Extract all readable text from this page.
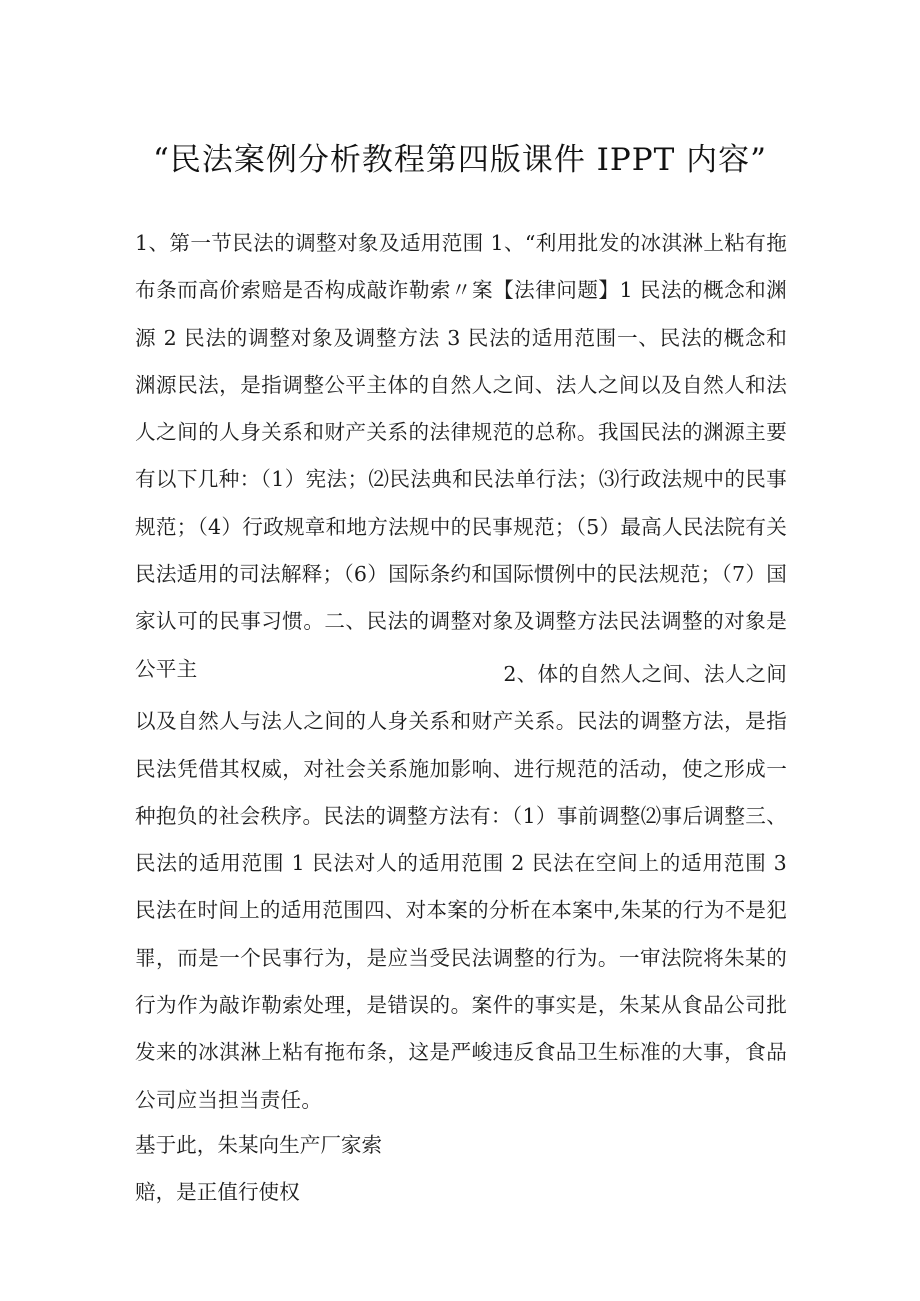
“民法案例分析教程第四版课件 IPPT 内容”
1、第一节民法的调整对象及适用范围 1、“利用批发的冰淇淋上粘有拖布条而高价索赔是否构成敲诈勒索〃案【法律问题】1 民法的概念和渊源 2 民法的调整对象及调整方法 3 民法的适用范围一、民法的概念和渊源民法，是指调整公平主体的自然人之间、法人之间以及自然人和法人之间的人身关系和财产关系的法律规范的总称。我国民法的渊源主要有以下几种：（1）宪法；⑵民法典和民法单行法；⑶行政法规中的民事规范；（4）行政规章和地方法规中的民事规范；（5）最高人民法院有关民法适用的司法解释；（6）国际条约和国际惯例中的民法规范；（7）国家认可的民事习惯。二、民法的调整对象及调整方法民法调整的对象是公平主	2、体的自然人之间、法人之间
以及自然人与法人之间的人身关系和财产关系。民法的调整方法，是指民法凭借其权威，对社会关系施加影响、进行规范的活动，使之形成一种抱负的社会秩序。民法的调整方法有：（1）事前调整⑵事后调整三、民法的适用范围 1 民法对人的适用范围 2 民法在空间上的适用范围 3 民法在时间上的适用范围四、对本案的分析在本案中,朱某的行为不是犯罪，而是一个民事行为，是应当受民法调整的行为。一审法院将朱某的行为作为敲诈勒索处理，是错误的。案件的事实是，朱某从食品公司批发来的冰淇淋上粘有拖布条，这是严峻违反食品卫生标准的大事，食品公司应当担当责任。
基于此，朱某向生产厂家索
赔，是正值行使权
